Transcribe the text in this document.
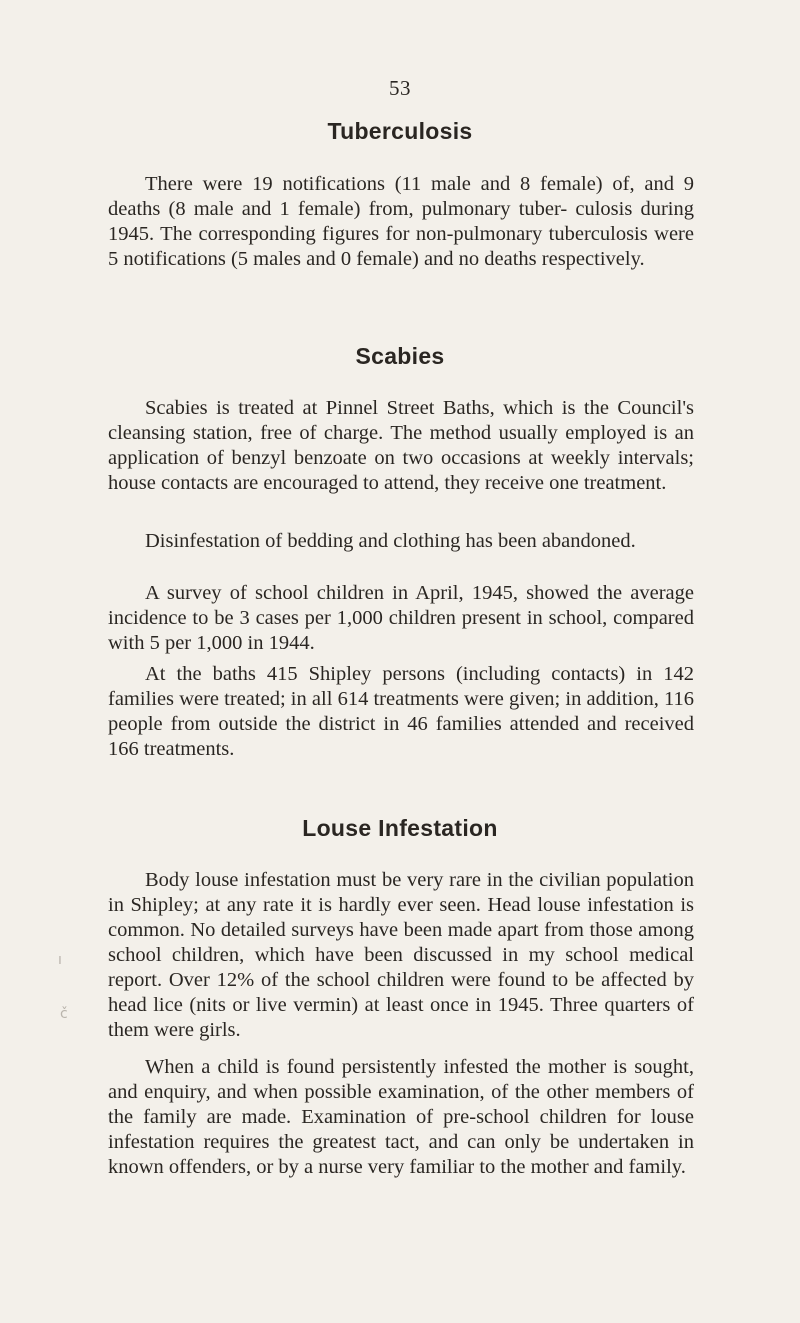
53
Tuberculosis

There were 19 notifications (11 male and 8 female) of, and 9 deaths (8 male and 1 female) from, pulmonary tuber- culosis during 1945. The corresponding figures for non-pulmonary tuberculosis were 5 notifications (5 males and 0 female) and no deaths respectively.

Scabies

Scabies is treated at Pinnel Street Baths, which is the Council's cleansing station, free of charge. The method usually employed is an application of benzyl benzoate on two occasions at weekly intervals; house contacts are encouraged to attend, they receive one treatment.

Disinfestation of bedding and clothing has been abandoned.

A survey of school children in April, 1945, showed the average incidence to be 3 cases per 1,000 children present in school, compared with 5 per 1,000 in 1944.

At the baths 415 Shipley persons (including contacts) in 142 families were treated; in all 614 treatments were given; in addition, 116 people from outside the district in 46 families attended and received 166 treatments.

Louse Infestation

Body louse infestation must be very rare in the civilian population in Shipley; at any rate it is hardly ever seen. Head louse infestation is common. No detailed surveys have been made apart from those among school children, which have been discussed in my school medical report. Over 12% of the school children were found to be affected by head lice (nits or live vermin) at least once in 1945. Three quarters of them were girls.

When a child is found persistently infested the mother is sought, and enquiry, and when possible examination, of the other members of the family are made. Examination of pre-school children for louse infestation requires the greatest tact, and can only be undertaken in known offenders, or by a nurse very familiar to the mother and family.

ı
č
